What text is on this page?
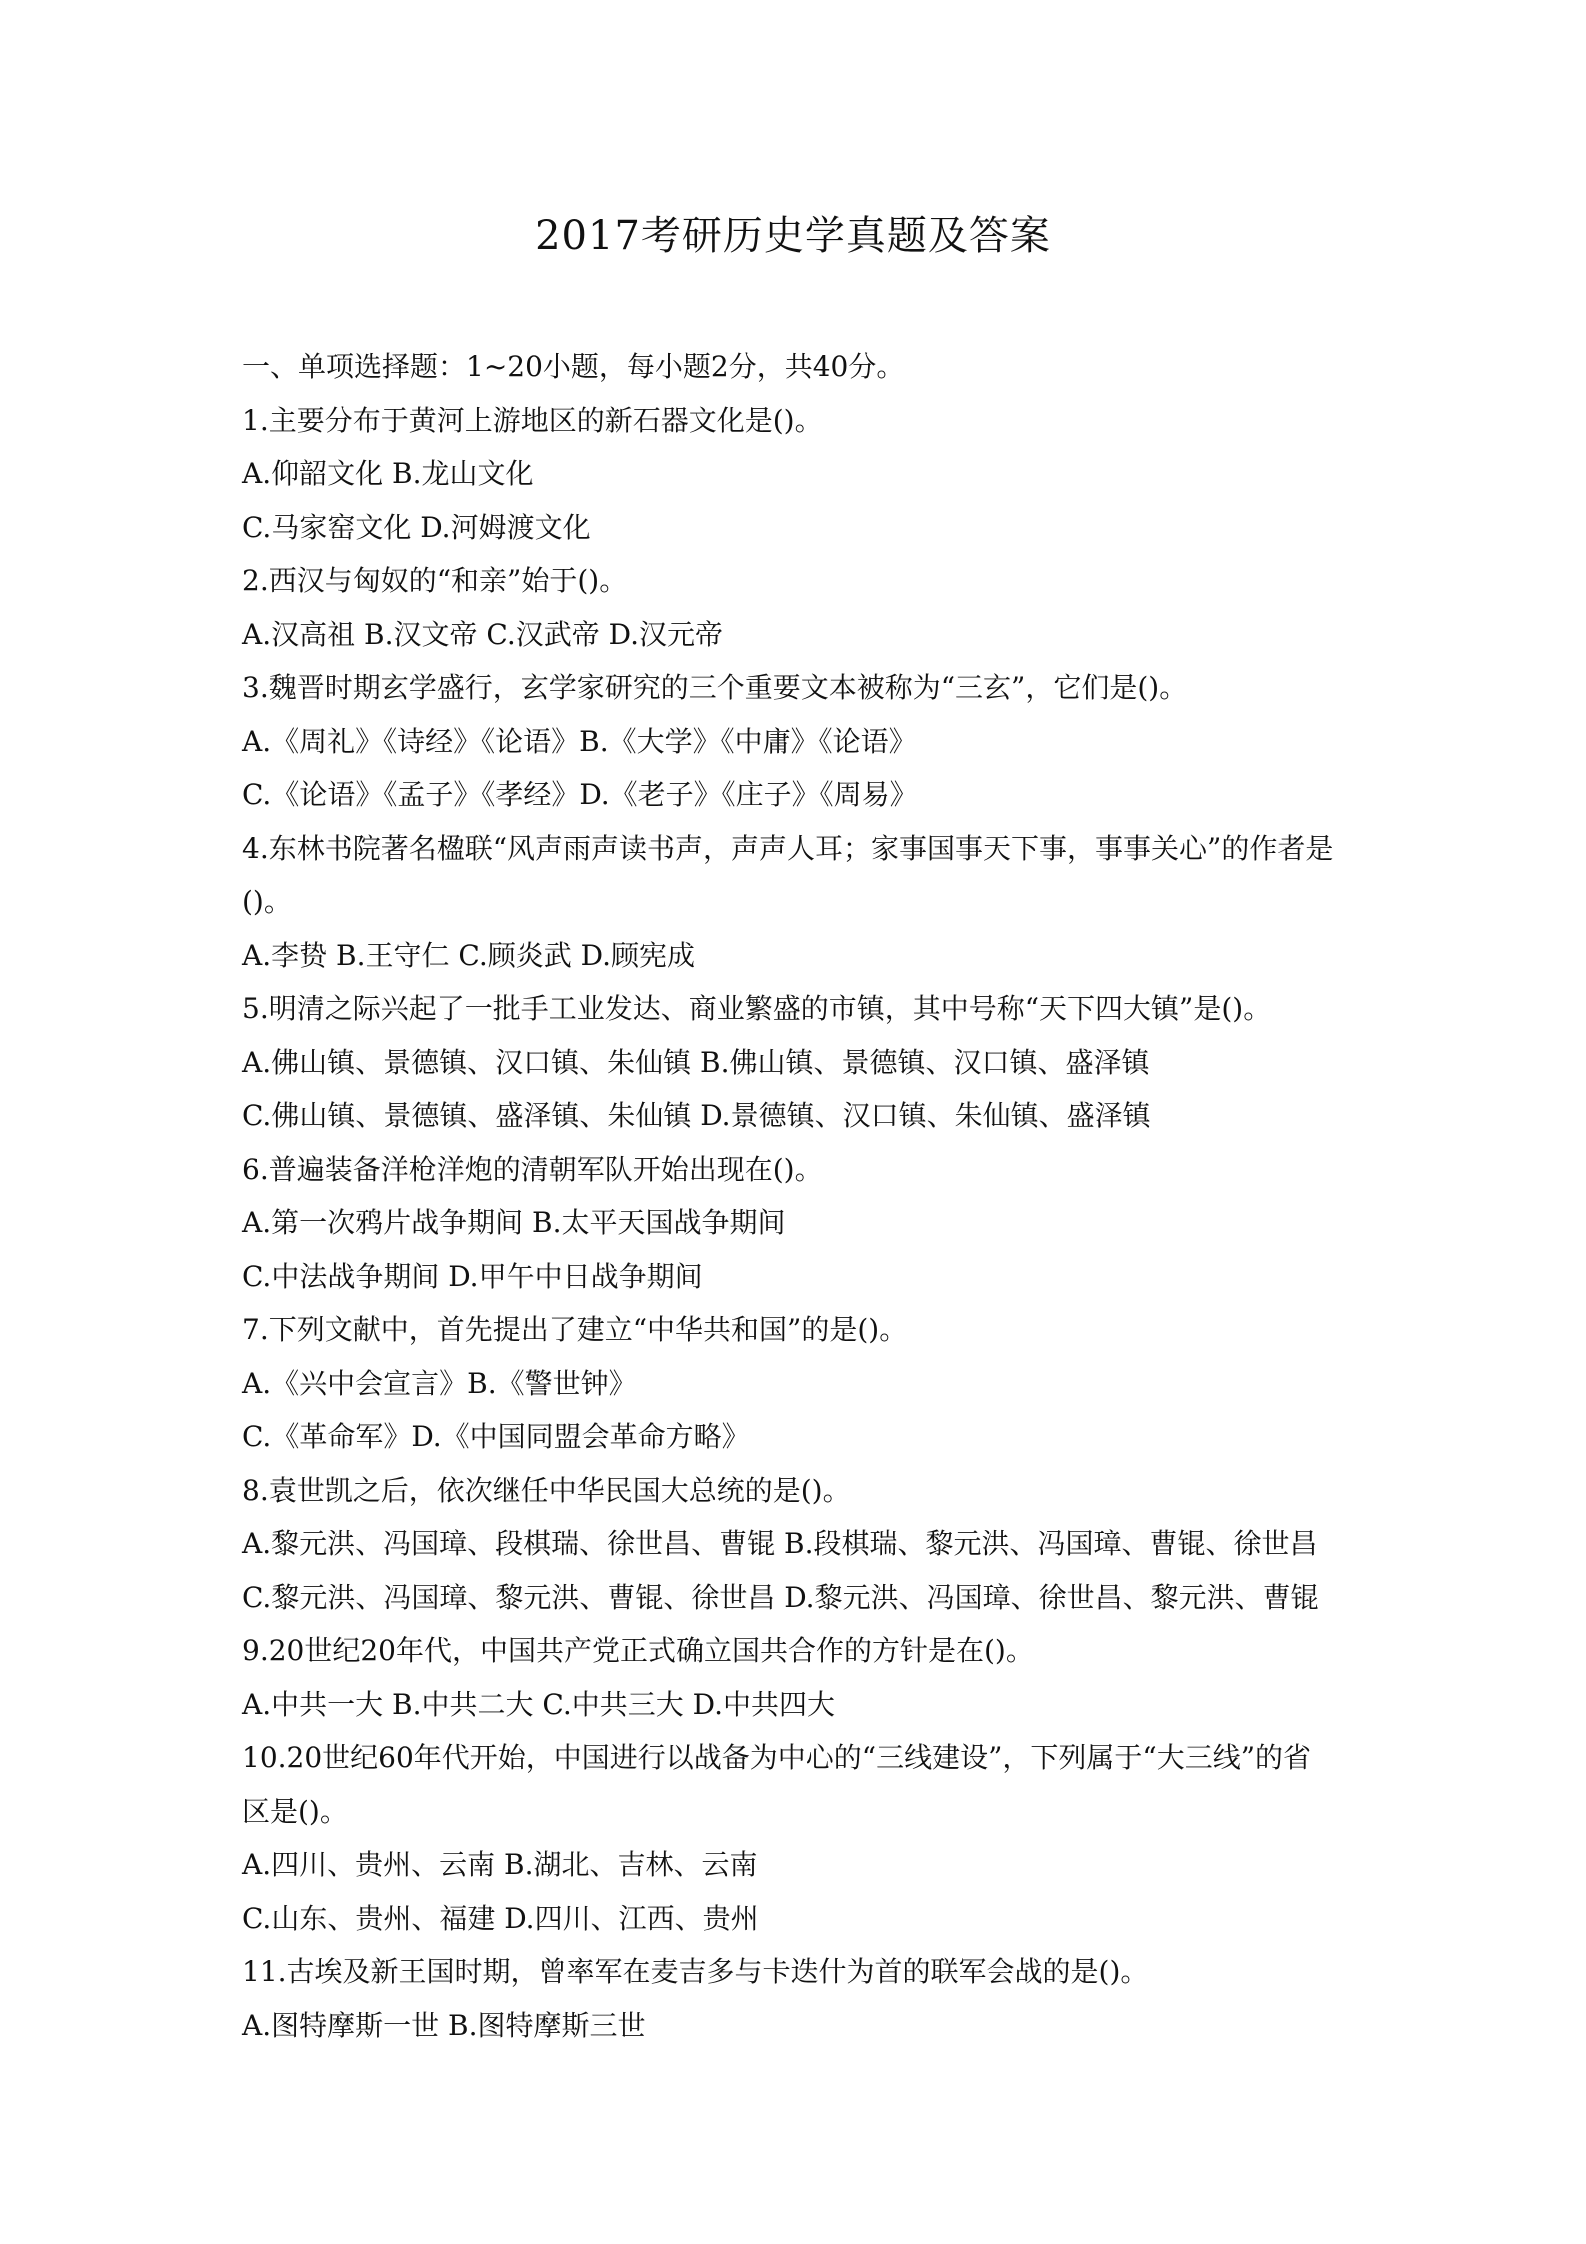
2017考研历史学真题及答案
一、单项选择题：1~20小题，每小题2分，共40分。
1.主要分布于黄河上游地区的新石器文化是()。
A.仰韶文化 B.龙山文化
C.马家窑文化 D.河姆渡文化
2.西汉与匈奴的“和亲”始于()。
A.汉高祖 B.汉文帝 C.汉武帝 D.汉元帝
3.魏晋时期玄学盛行，玄学家研究的三个重要文本被称为“三玄”，它们是()。
A.《周礼》《诗经》《论语》B.《大学》《中庸》《论语》
C.《论语》《孟子》《孝经》D.《老子》《庄子》《周易》
4.东林书院著名楹联“风声雨声读书声，声声人耳；家事国事天下事，事事关心”的作者是
()。
A.李贽 B.王守仁 C.顾炎武 D.顾宪成
5.明清之际兴起了一批手工业发达、商业繁盛的市镇，其中号称“天下四大镇”是()。
A.佛山镇、景德镇、汉口镇、朱仙镇 B.佛山镇、景德镇、汉口镇、盛泽镇
C.佛山镇、景德镇、盛泽镇、朱仙镇 D.景德镇、汉口镇、朱仙镇、盛泽镇
6.普遍装备洋枪洋炮的清朝军队开始出现在()。
A.第一次鸦片战争期间 B.太平天国战争期间
C.中法战争期间 D.甲午中日战争期间
7.下列文献中，首先提出了建立“中华共和国”的是()。
A.《兴中会宣言》B.《警世钟》
C.《革命军》D.《中国同盟会革命方略》
8.袁世凯之后，依次继任中华民国大总统的是()。
A.黎元洪、冯国璋、段棋瑞、徐世昌、曹锟 B.段棋瑞、黎元洪、冯国璋、曹锟、徐世昌
C.黎元洪、冯国璋、黎元洪、曹锟、徐世昌 D.黎元洪、冯国璋、徐世昌、黎元洪、曹锟
9.20世纪20年代，中国共产党正式确立国共合作的方针是在()。
A.中共一大 B.中共二大 C.中共三大 D.中共四大
10.20世纪60年代开始，中国进行以战备为中心的“三线建设”，下列属于“大三线”的省
区是()。
A.四川、贵州、云南 B.湖北、吉林、云南
C.山东、贵州、福建 D.四川、江西、贵州
11.古埃及新王国时期，曾率军在麦吉多与卡迭什为首的联军会战的是()。
A.图特摩斯一世 B.图特摩斯三世
